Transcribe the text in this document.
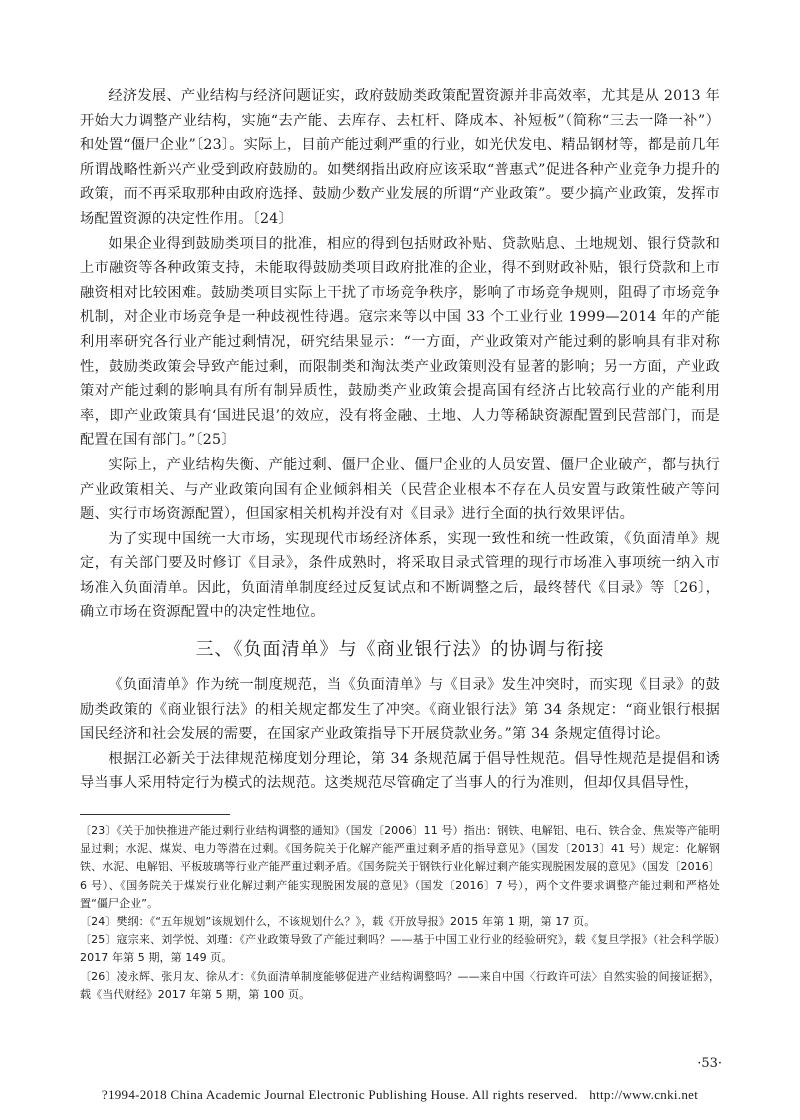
经济发展、产业结构与经济问题证实，政府鼓励类政策配置资源并非高效率，尤其是从 2013 年开始大力调整产业结构，实施“去产能、去库存、去杠杆、降成本、补短板”（简称“三去一降一补”）和处置“僵尸企业”〔23〕。实际上，目前产能过剩严重的行业，如光伏发电、精品钢材等，都是前几年所谓战略性新兴产业受到政府鼓励的。如樊纲指出政府应该采取“普惠式”促进各种产业竞争力提升的政策，而不再采取那种由政府选择、鼓励少数产业发展的所谓“产业政策”。要少搞产业政策，发挥市场配置资源的决定性作用。〔24〕

如果企业得到鼓励类项目的批准，相应的得到包括财政补贴、贷款贴息、土地规划、银行贷款和上市融资等各种政策支持，未能取得鼓励类项目政府批准的企业，得不到财政补贴，银行贷款和上市融资相对比较困难。鼓励类项目实际上干扰了市场竞争秩序，影响了市场竞争规则，阻碍了市场竞争机制，对企业市场竞争是一种歧视性待遇。寇宗来等以中国 33 个工业行业 1999—2014 年的产能利用率研究各行业产能过剩情况，研究结果显示：“一方面，产业政策对产能过剩的影响具有非对称性，鼓励类政策会导致产能过剩，而限制类和淘汰类产业政策则没有显著的影响；另一方面，产业政策对产能过剩的影响具有所有制异质性，鼓励类产业政策会提高国有经济占比较高行业的产能利用率，即产业政策具有‘国进民退’的效应，没有将金融、土地、人力等稀缺资源配置到民营部门，而是配置在国有部门。”〔25〕

实际上，产业结构失衡、产能过剩、僵尸企业、僵尸企业的人员安置、僵尸企业破产，都与执行产业政策相关、与产业政策向国有企业倾斜相关（民营企业根本不存在人员安置与政策性破产等问题、实行市场资源配置），但国家相关机构并没有对《目录》进行全面的执行效果评估。

为了实现中国统一大市场，实现现代市场经济体系，实现一致性和统一性政策，《负面清单》规定，有关部门要及时修订《目录》，条件成熟时，将采取目录式管理的现行市场准入事项统一纳入市场准入负面清单。因此，负面清单制度经过反复试点和不断调整之后，最终替代《目录》等〔26〕，确立市场在资源配置中的决定性地位。

三、《负面清单》与《商业银行法》的协调与衔接

《负面清单》作为统一制度规范，当《负面清单》与《目录》发生冲突时，而实现《目录》的鼓励类政策的《商业银行法》的相关规定都发生了冲突。《商业银行法》第 34 条规定：“商业银行根据国民经济和社会发展的需要，在国家产业政策指导下开展贷款业务。”第 34 条规定值得讨论。

根据江必新关于法律规范梯度划分理论，第 34 条规范属于倡导性规范。倡导性规范是提倡和诱导当事人采用特定行为模式的法规范。这类规范尽管确定了当事人的行为准则，但却仅具倡导性，

〔23〕《关于加快推进产能过剩行业结构调整的通知》（国发〔2006〕11 号）指出：钢铁、电解铝、电石、铁合金、焦炭等产能明显过剩；水泥、煤炭、电力等潜在过剩。《国务院关于化解产能严重过剩矛盾的指导意见》（国发〔2013〕41 号）规定：化解钢铁、水泥、电解铝、平板玻璃等行业产能严重过剩矛盾。《国务院关于钢铁行业化解过剩产能实现脱困发展的意见》（国发〔2016〕6 号）、《国务院关于煤炭行业化解过剩产能实现脱困发展的意见》（国发〔2016〕7 号），两个文件要求调整产能过剩和严格处置“僵尸企业”。

〔24〕樊纲：《“五年规划”该规划什么，不该规划什么？》，载《开放导报》2015 年第 1 期，第 17 页。

〔25〕寇宗来、刘学悦、刘瑾：《产业政策导致了产能过剩吗？——基于中国工业行业的经验研究》，载《复旦学报》（社会科学版）2017 年第 5 期，第 149 页。

〔26〕凌永辉、张月友、徐从才：《负面清单制度能够促进产业结构调整吗？——来自中国〈行政许可法〉自然实验的间接证据》，载《当代财经》2017 年第 5 期，第 100 页。

·53·
?1994-2018 China Academic Journal Electronic Publishing House. All rights reserved. http://www.cnki.net
